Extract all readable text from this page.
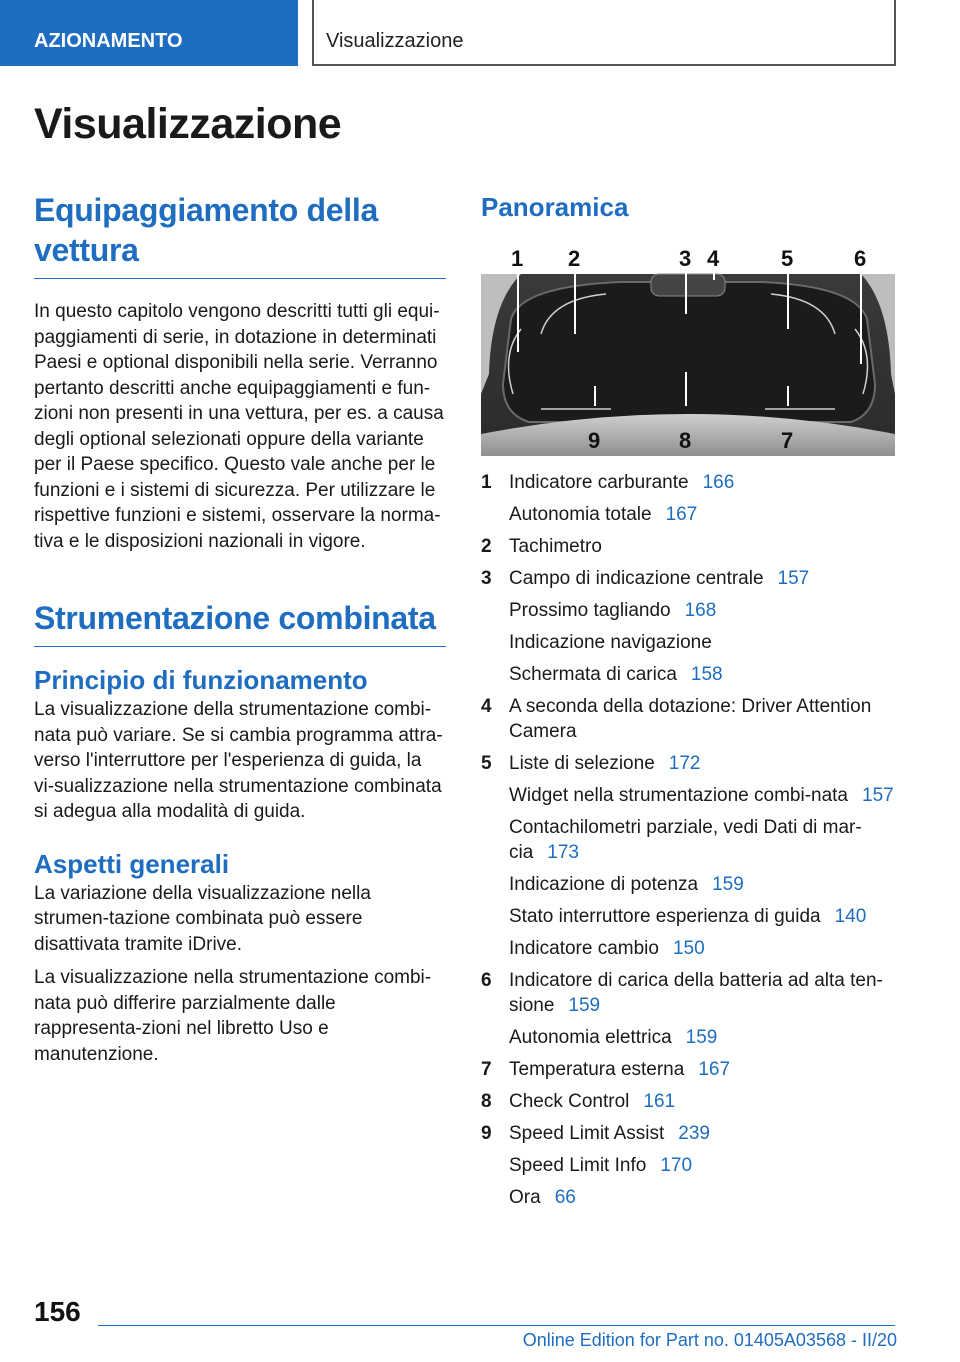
AZIONAMENTO	Visualizzazione
Visualizzazione
Equipaggiamento della vettura

In questo capitolo vengono descritti tutti gli equi-paggiamenti di serie, in dotazione in determinati Paesi e optional disponibili nella serie. Verranno pertanto descritti anche equipaggiamenti e fun-zioni non presenti in una vettura, per es. a causa degli optional selezionati oppure della variante per il Paese specifico. Questo vale anche per le funzioni e i sistemi di sicurezza. Per utilizzare le rispettive funzioni e sistemi, osservare la norma-tiva e le disposizioni nazionali in vigore.

Strumentazione combinata
Principio di funzionamento

La visualizzazione della strumentazione combi-nata può variare. Se si cambia programma attra-verso l'interruttore per l'esperienza di guida, la vi-sualizzazione nella strumentazione combinata si adegua alla modalità di guida.

Aspetti generali

La variazione della visualizzazione nella strumen-tazione combinata può essere disattivata tramite iDrive.

La visualizzazione nella strumentazione combi-nata può differire parzialmente dalle rappresenta-zioni nel libretto Uso e manutenzione.

Panoramica
1 2	3 4	5	6
7
8
9
1 Indicatore carburante 166
Autonomia totale 167
2 Tachimetro
3 Campo di indicazione centrale 157
Prossimo tagliando 168
Indicazione navigazione
Schermata di carica 158
4 A seconda della dotazione: Driver Attention Camera
5 Liste di selezione 172
Widget nella strumentazione combi-nata 157
Contachilometri parziale, vedi Dati di mar-cia 173
Indicazione di potenza 159
Stato interruttore esperienza di guida 140
Indicatore cambio 150
6 Indicatore di carica della batteria ad alta ten-sione 159
Autonomia elettrica 159
7 Temperatura esterna 167
8 Check Control 161
9 Speed Limit Assist 239
Speed Limit Info 170
Ora 66
156
Online Edition for Part no. 01405A03568 - II/20
